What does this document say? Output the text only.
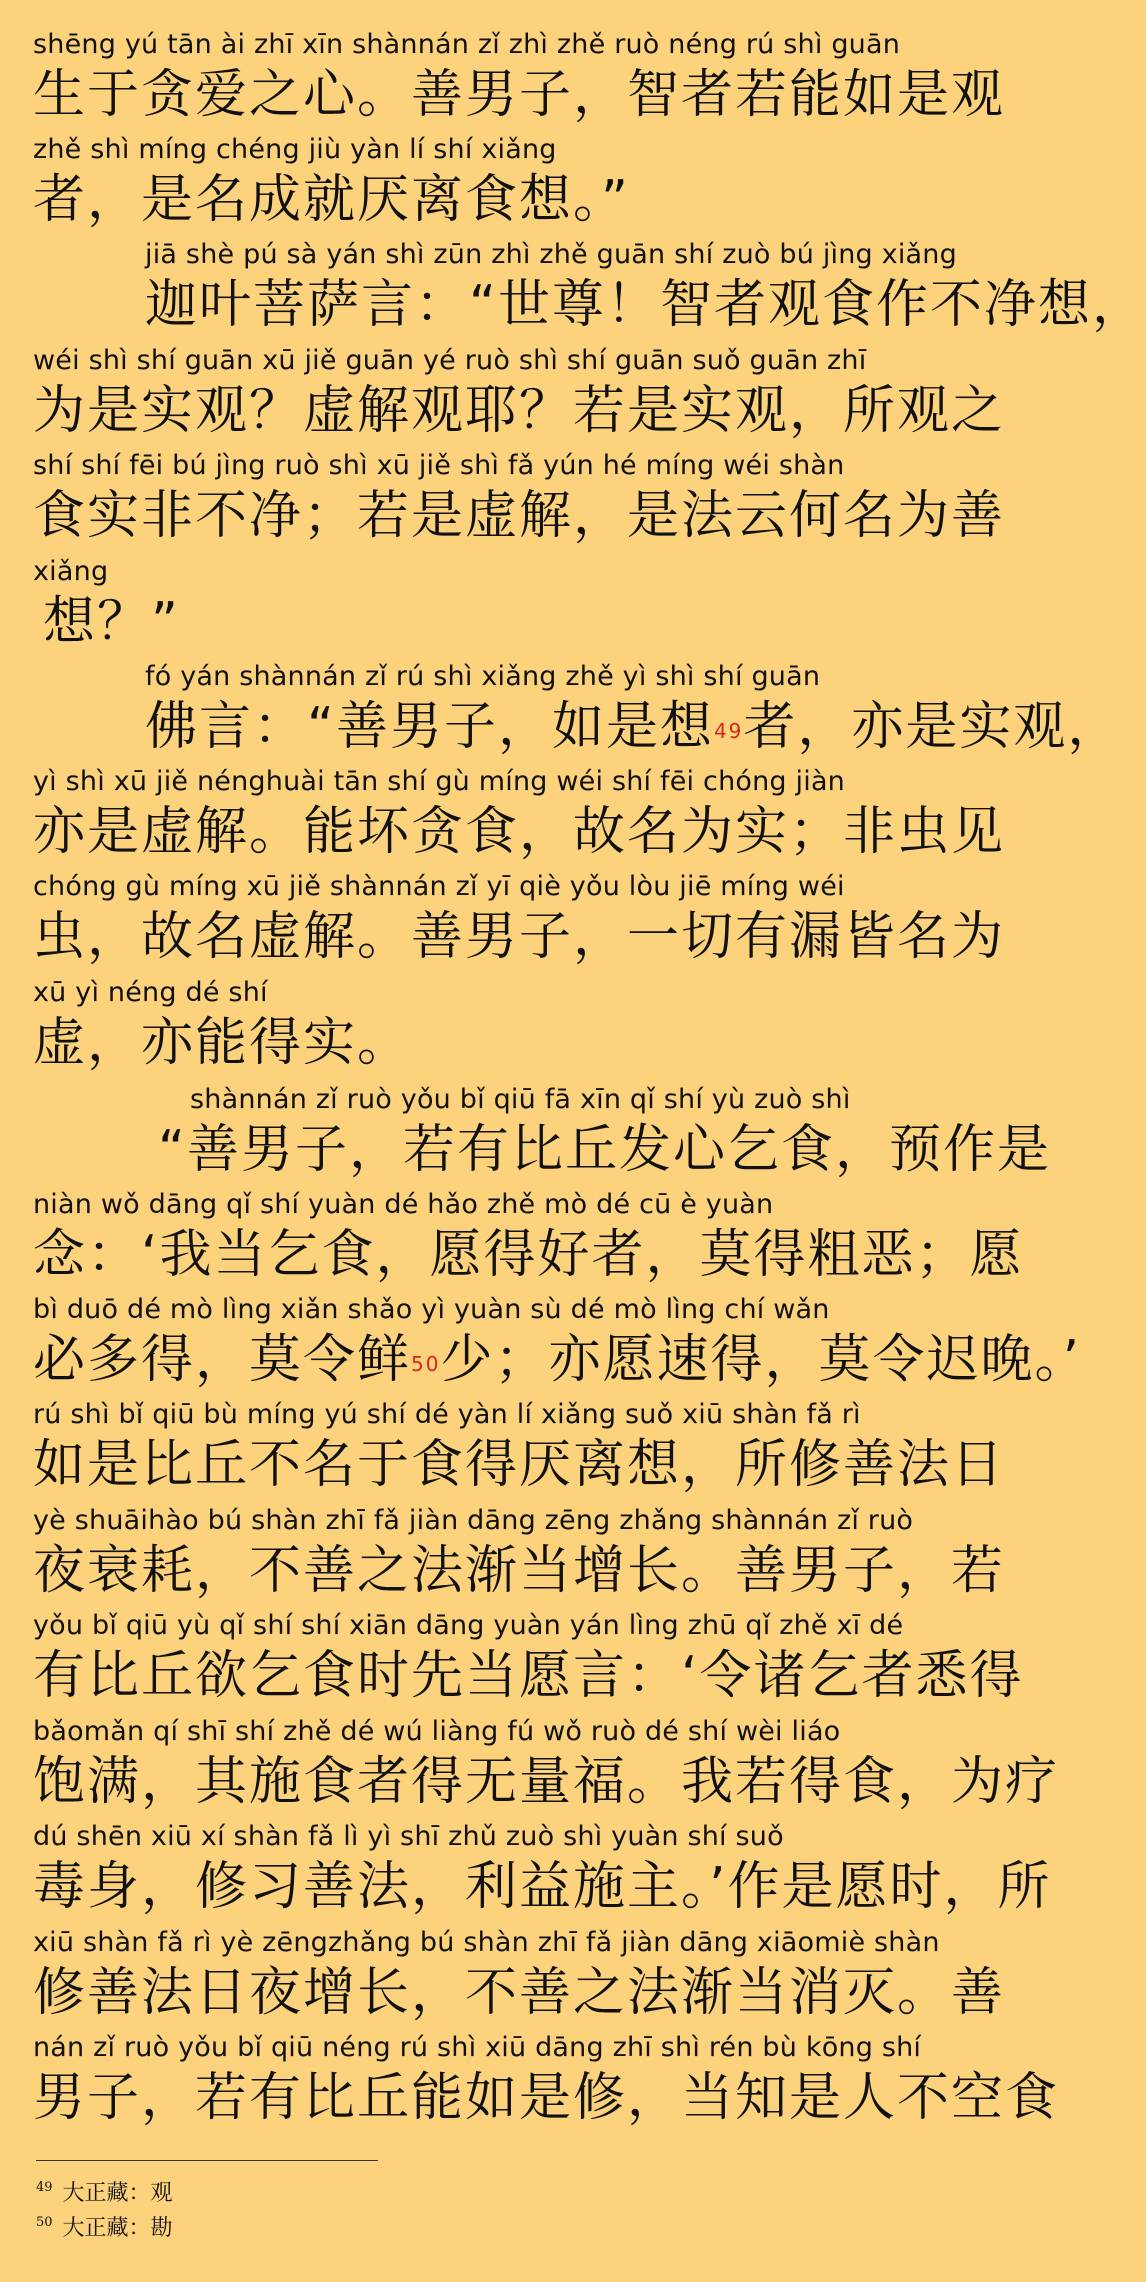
shēng yú tān ài zhī xīn shànnán zǐ zhì zhě ruò néng rú shì guān
生于贪爱之心。善男子，智者若能如是观
zhě shì míng chéng jiù yàn lí shí xiǎng
者，是名成就厌离食想。”
jiā shè pú sà yán shì zūn zhì zhě guān shí zuò bú jìng xiǎng
迦叶菩萨言：“世尊！智者观食作不净想，
wéi shì shí guān xū jiě guān yé ruò shì shí guān suǒ guān zhī
为是实观？虚解观耶？若是实观，所观之
shí shí fēi bú jìng ruò shì xū jiě shì fǎ yún hé míng wéi shàn
食实非不净；若是虚解，是法云何名为善
xiǎng
想？”
fó yán shànnán zǐ rú shì xiǎng zhě yì shì shí guān
佛言：“善男子，如是想$^{49}$者，亦是实观，
yì shì xū jiě nénghuài tān shí gù míng wéi shí fēi chóng jiàn
亦是虚解。能坏贪食，故名为实；非虫见
chóng gù míng xū jiě shànnán zǐ yī qiè yǒu lòu jiē míng wéi
虫，故名虚解。善男子，一切有漏皆名为
xū yì néng dé shí
虚，亦能得实。
shànnán zǐ ruò yǒu bǐ qiū fā xīn qǐ shí yù zuò shì
“善男子，若有比丘发心乞食，预作是
niàn wǒ dāng qǐ shí yuàn dé hǎo zhě mò dé cū è yuàn
念：‘我当乞食，愿得好者，莫得粗恶；愿
bì duō dé mò lìng xiǎn shǎo yì yuàn sù dé mò lìng chí wǎn
必多得，莫令鲜$^{50}$少；亦愿速得，莫令迟晚。’
rú shì bǐ qiū bù míng yú shí dé yàn lí xiǎng suǒ xiū shàn fǎ rì
如是比丘不名于食得厌离想，所修善法日
yè shuāihào bú shàn zhī fǎ jiàn dāng zēng zhǎng shànnán zǐ ruò
夜衰耗，不善之法渐当增长。善男子，若
yǒu bǐ qiū yù qǐ shí shí xiān dāng yuàn yán lìng zhū qǐ zhě xī dé
有比丘欲乞食时先当愿言：‘令诸乞者悉得
bǎomǎn qí shī shí zhě dé wú liàng fú wǒ ruò dé shí wèi liáo
饱满，其施食者得无量福。我若得食，为疗
dú shēn xiū xí shàn fǎ lì yì shī zhǔ zuò shì yuàn shí suǒ
毒身，修习善法，利益施主。’作是愿时，所
xiū shàn fǎ rì yè zēngzhǎng bú shàn zhī fǎ jiàn dāng xiāomiè shàn
修善法日夜增长，不善之法渐当消灭。善
nán zǐ ruò yǒu bǐ qiū néng rú shì xiū dāng zhī shì rén bù kōng shí
男子，若有比丘能如是修，当知是人不空食
$^{49}$ 大正藏：观
$^{50}$ 大正藏：勘
